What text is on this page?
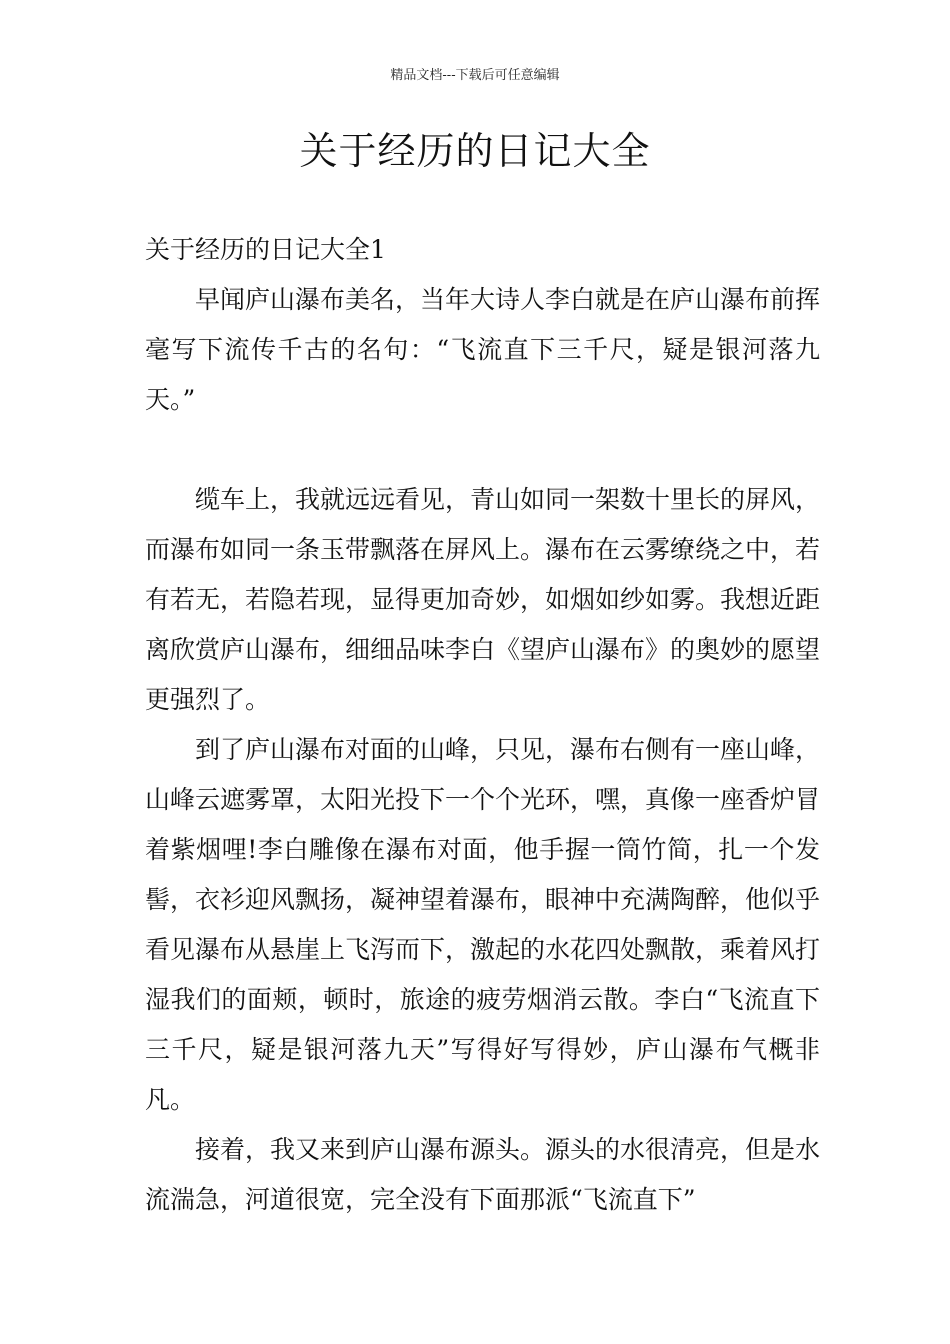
精品文档---下载后可任意编辑
关于经历的日记大全

关于经历的日记大全1

早闻庐山瀑布美名，当年大诗人李白就是在庐山瀑布前挥毫写下流传千古的名句：“飞流直下三千尺，疑是银河落九天。”

缆车上，我就远远看见，青山如同一架数十里长的屏风，而瀑布如同一条玉带飘落在屏风上。瀑布在云雾缭绕之中，若有若无，若隐若现，显得更加奇妙，如烟如纱如雾。我想近距离欣赏庐山瀑布，细细品味李白《望庐山瀑布》的奥妙的愿望更强烈了。

到了庐山瀑布对面的山峰，只见，瀑布右侧有一座山峰，山峰云遮雾罩，太阳光投下一个个光环，嘿，真像一座香炉冒着紫烟哩!李白雕像在瀑布对面，他手握一筒竹简，扎一个发髻，衣衫迎风飘扬，凝神望着瀑布，眼神中充满陶醉，他似乎看见瀑布从悬崖上飞泻而下，激起的水花四处飘散，乘着风打湿我们的面颊，顿时，旅途的疲劳烟消云散。李白“飞流直下三千尺，疑是银河落九天”写得好写得妙，庐山瀑布气概非凡。

接着，我又来到庐山瀑布源头。源头的水很清亮，但是水流湍急，河道很宽，完全没有下面那派“飞流直下”
